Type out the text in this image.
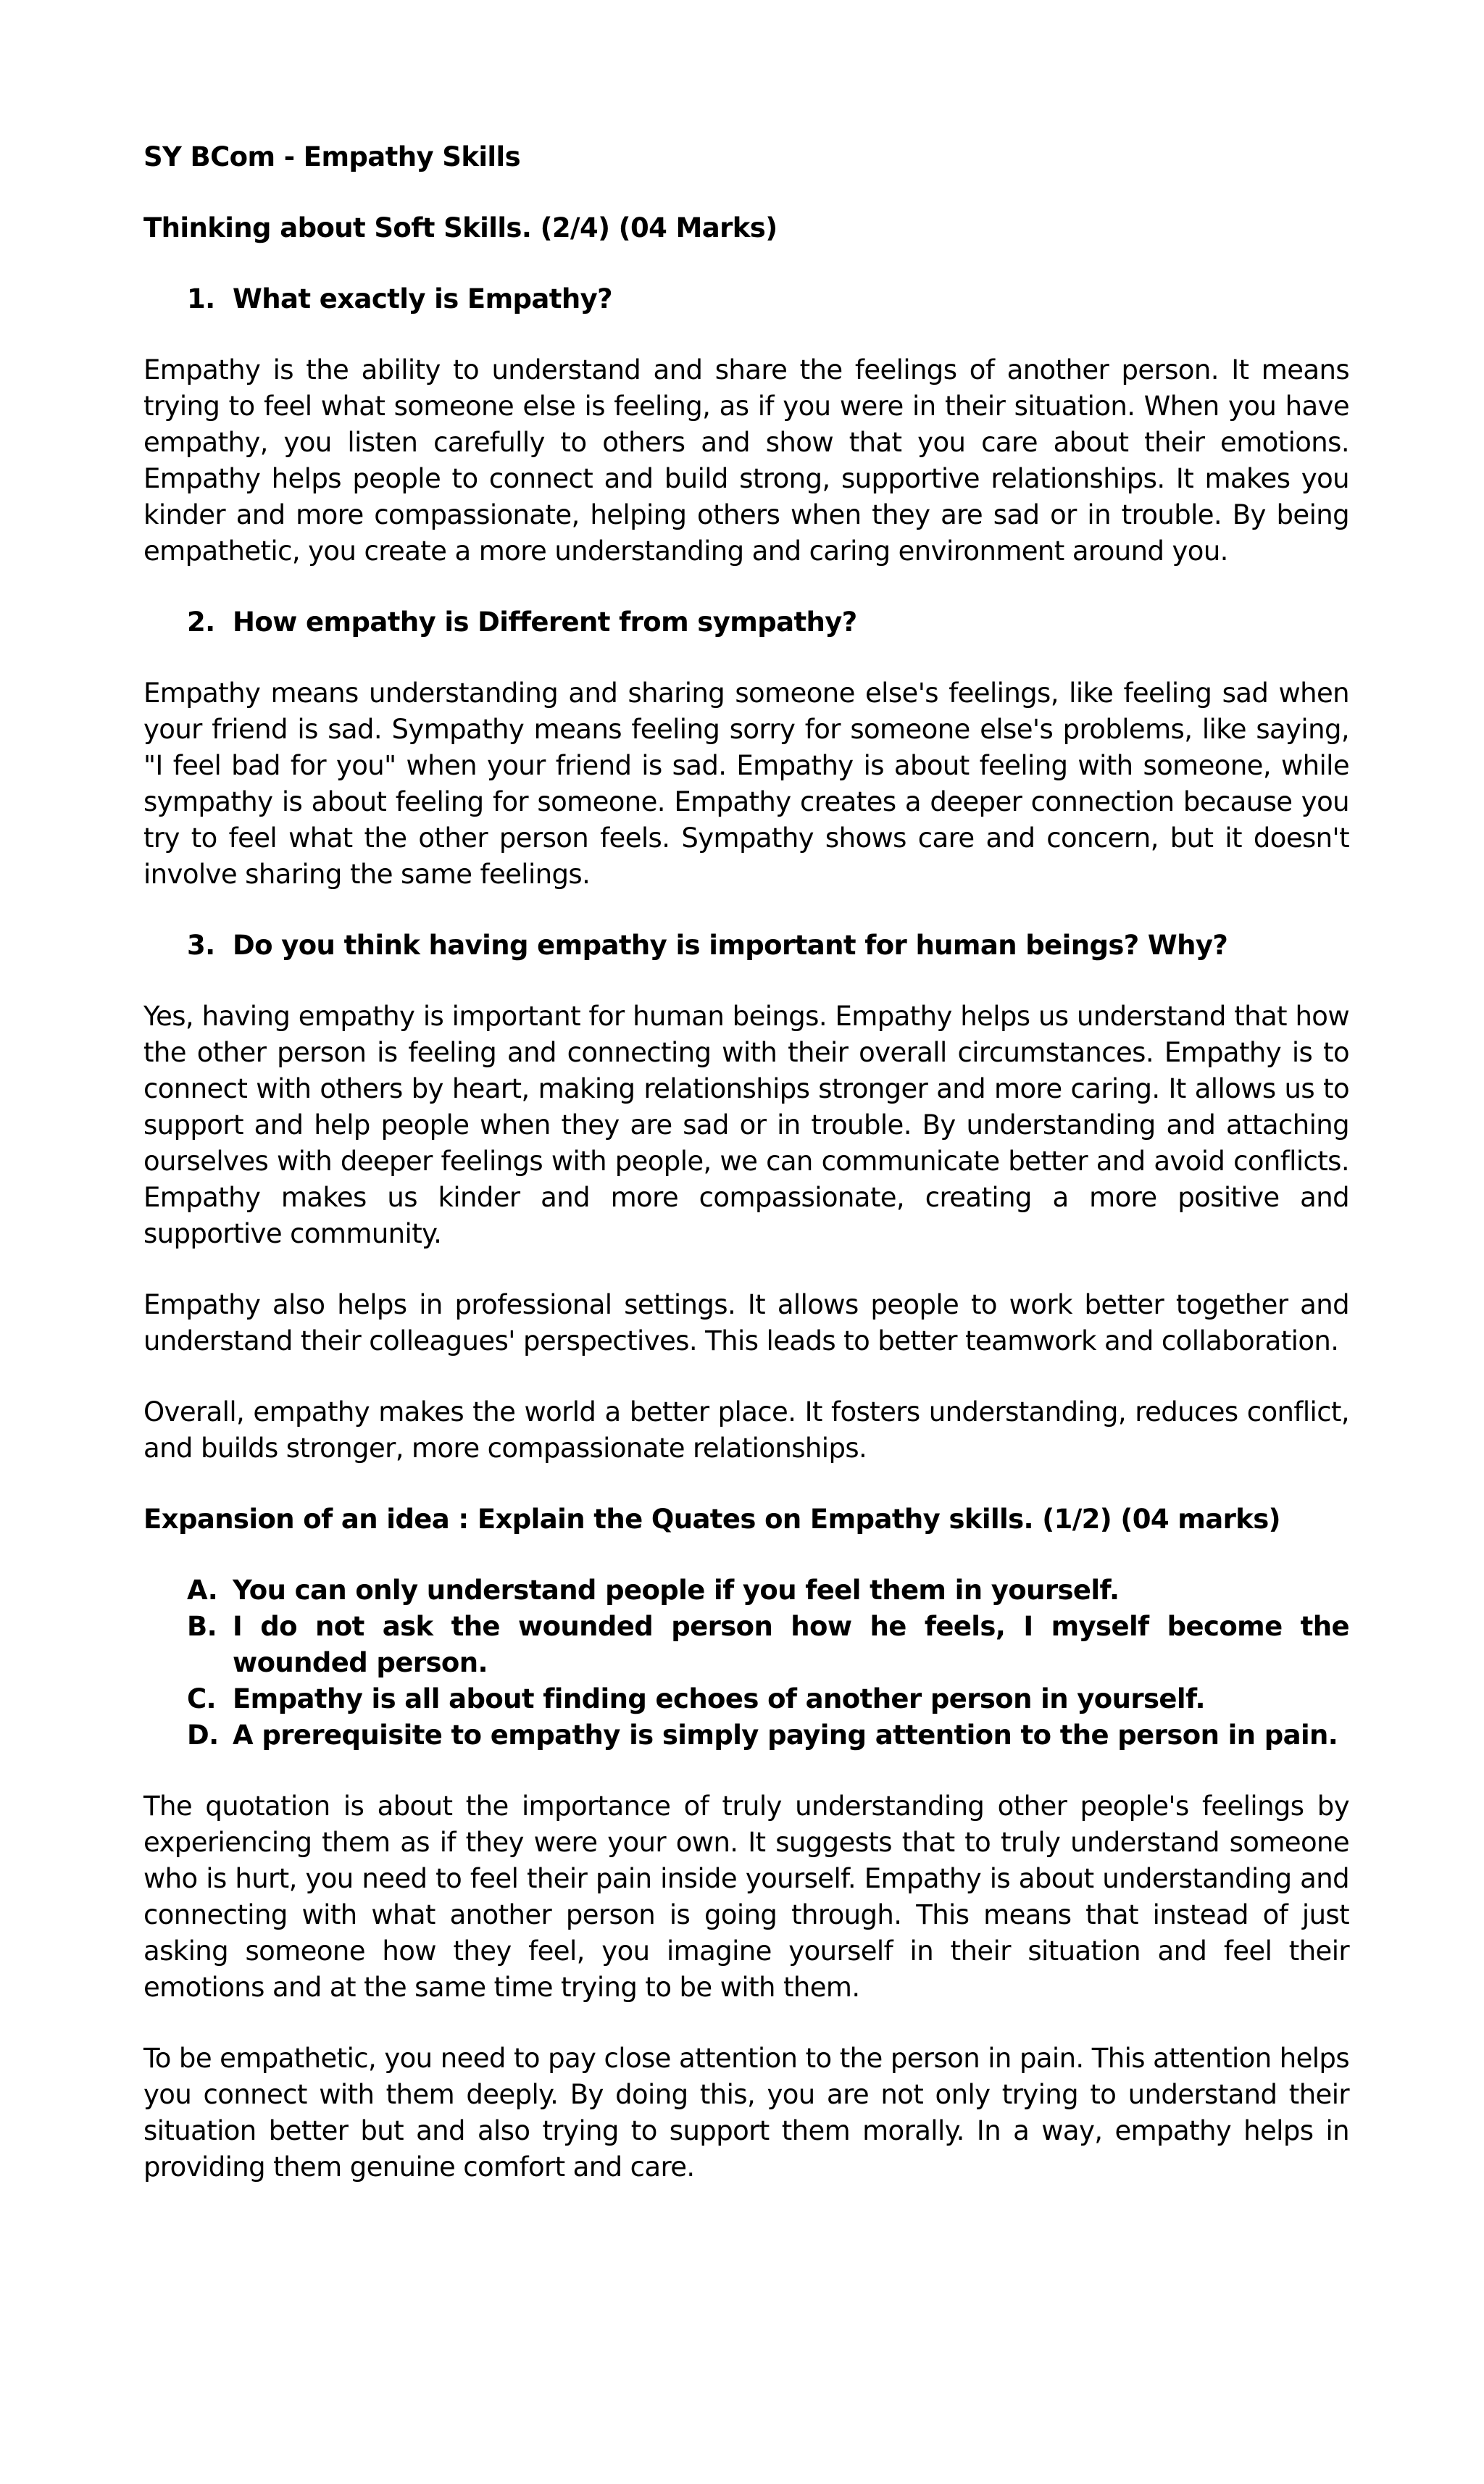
SY BCom - Empathy Skills
Thinking about Soft Skills. (2/4) (04 Marks)
1. What exactly is Empathy?

Empathy is the ability to understand and share the feelings of another person. It means trying to feel what someone else is feeling, as if you were in their situation. When you have empathy, you listen carefully to others and show that you care about their emotions. Empathy helps people to connect and build strong, supportive relationships. It makes you kinder and more compassionate, helping others when they are sad or in trouble. By being empathetic, you create a more understanding and caring environment around you.

2. How empathy is Different from sympathy?

Empathy means understanding and sharing someone else's feelings, like feeling sad when your friend is sad. Sympathy means feeling sorry for someone else's problems, like saying, "I feel bad for you" when your friend is sad. Empathy is about feeling with someone, while sympathy is about feeling for someone. Empathy creates a deeper connection because you try to feel what the other person feels. Sympathy shows care and concern, but it doesn't involve sharing the same feelings.

3. Do you think having empathy is important for human beings? Why?

Yes, having empathy is important for human beings. Empathy helps us understand that how the other person is feeling and connecting with their overall circumstances. Empathy is to connect with others by heart, making relationships stronger and more caring. It allows us to support and help people when they are sad or in trouble. By understanding and attaching ourselves with deeper feelings with people, we can communicate better and avoid conflicts. Empathy makes us kinder and more compassionate, creating a more positive and supportive community.

Empathy also helps in professional settings. It allows people to work better together and understand their colleagues' perspectives. This leads to better teamwork and collaboration.

Overall, empathy makes the world a better place. It fosters understanding, reduces conflict, and builds stronger, more compassionate relationships.

Expansion of an idea : Explain the Quates on Empathy skills. (1/2) (04 marks)
A. You can only understand people if you feel them in yourself.
B. I do not ask the wounded person how he feels, I myself become the wounded person.
C. Empathy is all about finding echoes of another person in yourself.
D. A prerequisite to empathy is simply paying attention to the person in pain.

The quotation is about the importance of truly understanding other people's feelings by experiencing them as if they were your own. It suggests that to truly understand someone who is hurt, you need to feel their pain inside yourself. Empathy is about understanding and connecting with what another person is going through. This means that instead of just asking someone how they feel, you imagine yourself in their situation and feel their emotions and at the same time trying to be with them.

To be empathetic, you need to pay close attention to the person in pain. This attention helps you connect with them deeply. By doing this, you are not only trying to understand their situation better but and also trying to support them morally. In a way, empathy helps in providing them genuine comfort and care.
